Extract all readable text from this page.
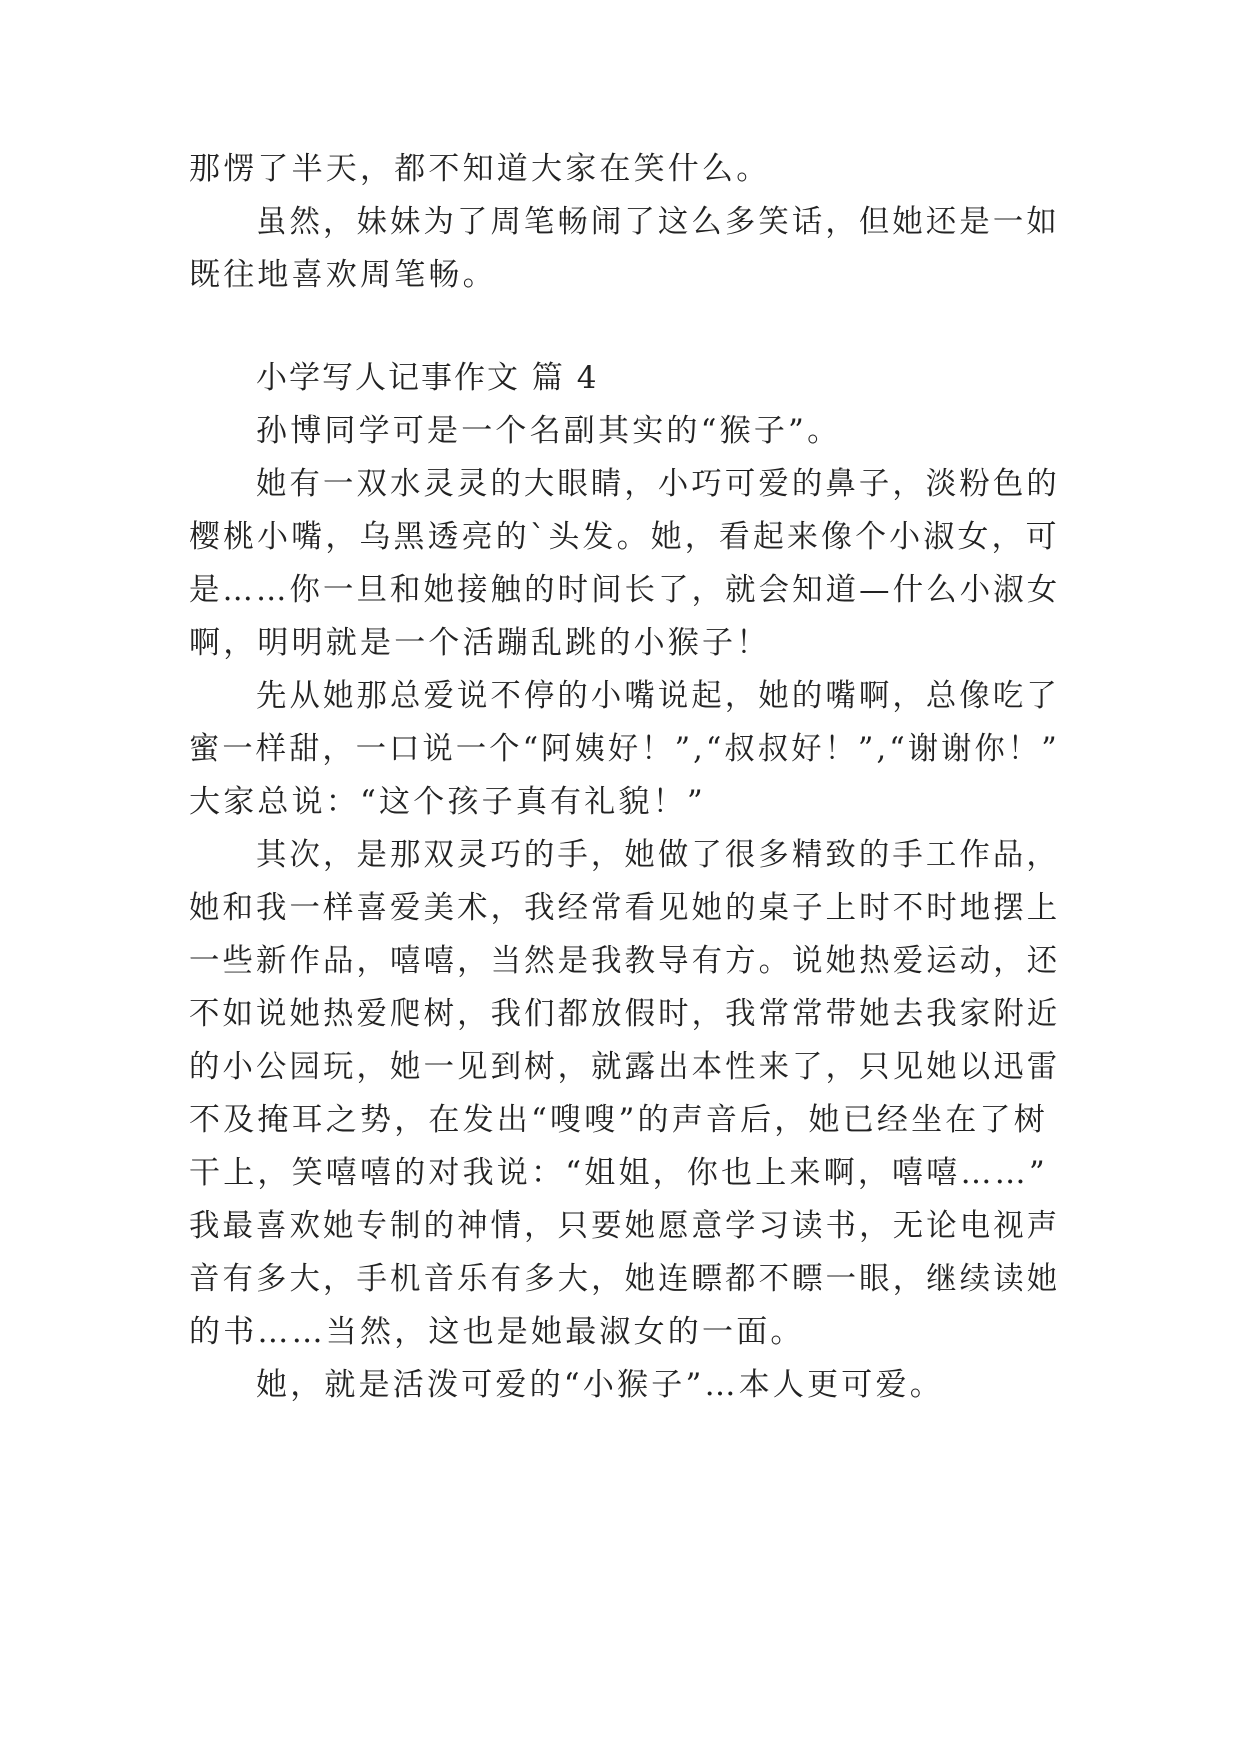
那愣了半天，都不知道大家在笑什么。

虽然，妹妹为了周笔畅闹了这么多笑话，但她还是一如

既往地喜欢周笔畅。

小学写人记事作文 篇 4

孙博同学可是一个名副其实的“猴子”。

她有一双水灵灵的大眼睛，小巧可爱的鼻子，淡粉色的

樱桃小嘴，乌黑透亮的`头发。她，看起来像个小淑女，可

是……你一旦和她接触的时间长了，就会知道—什么小淑女

啊，明明就是一个活蹦乱跳的小猴子！

先从她那总爱说不停的小嘴说起，她的嘴啊，总像吃了

蜜一样甜，一口说一个“阿姨好！”,“叔叔好！”,“谢谢你！”

大家总说：“这个孩子真有礼貌！”

其次，是那双灵巧的手，她做了很多精致的手工作品，

她和我一样喜爱美术，我经常看见她的桌子上时不时地摆上

一些新作品，嘻嘻，当然是我教导有方。说她热爱运动，还

不如说她热爱爬树，我们都放假时，我常常带她去我家附近

的小公园玩，她一见到树，就露出本性来了，只见她以迅雷

不及掩耳之势，在发出“嗖嗖”的声音后，她已经坐在了树

干上，笑嘻嘻的对我说：“姐姐，你也上来啊，嘻嘻……”

我最喜欢她专制的神情，只要她愿意学习读书，无论电视声

音有多大，手机音乐有多大，她连瞟都不瞟一眼，继续读她

的书……当然，这也是她最淑女的一面。

她，就是活泼可爱的“小猴子”…本人更可爱。
